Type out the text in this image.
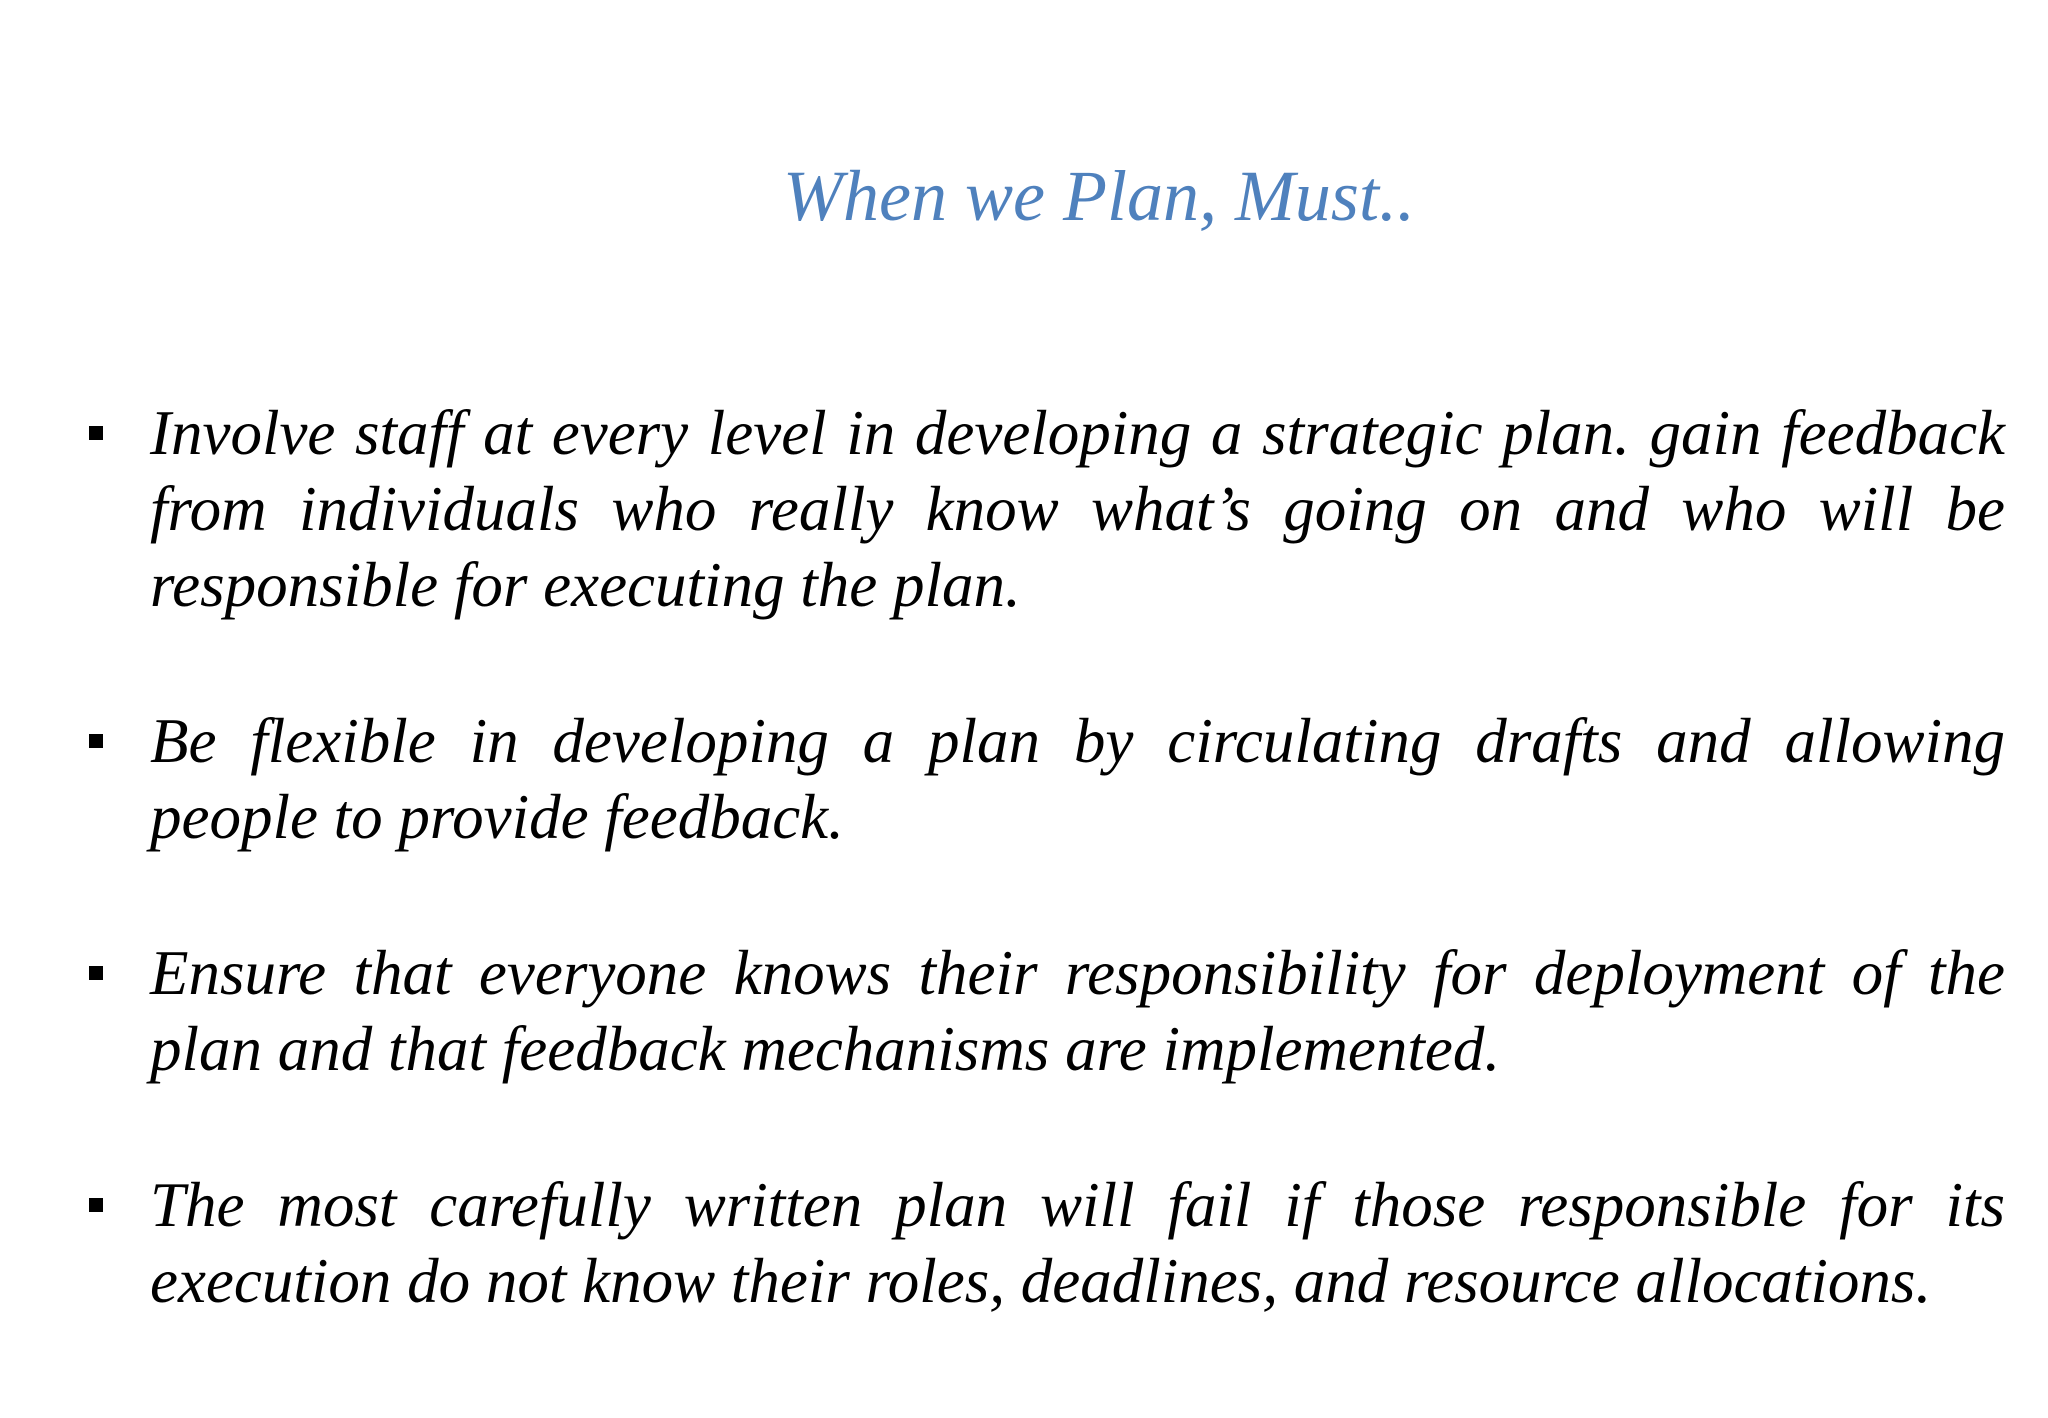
When we Plan, Must..
Involve staff at every level in developing a strategic plan. gain feedback from individuals who really know what’s going on and who will be responsible for executing the plan.
Be flexible in developing a plan by circulating drafts and allowing people to provide feedback.
Ensure that everyone knows their responsibility for deployment of the plan and that feedback mechanisms are implemented.
The most carefully written plan will fail if those responsible for its execution do not know their roles, deadlines, and resource allocations.
